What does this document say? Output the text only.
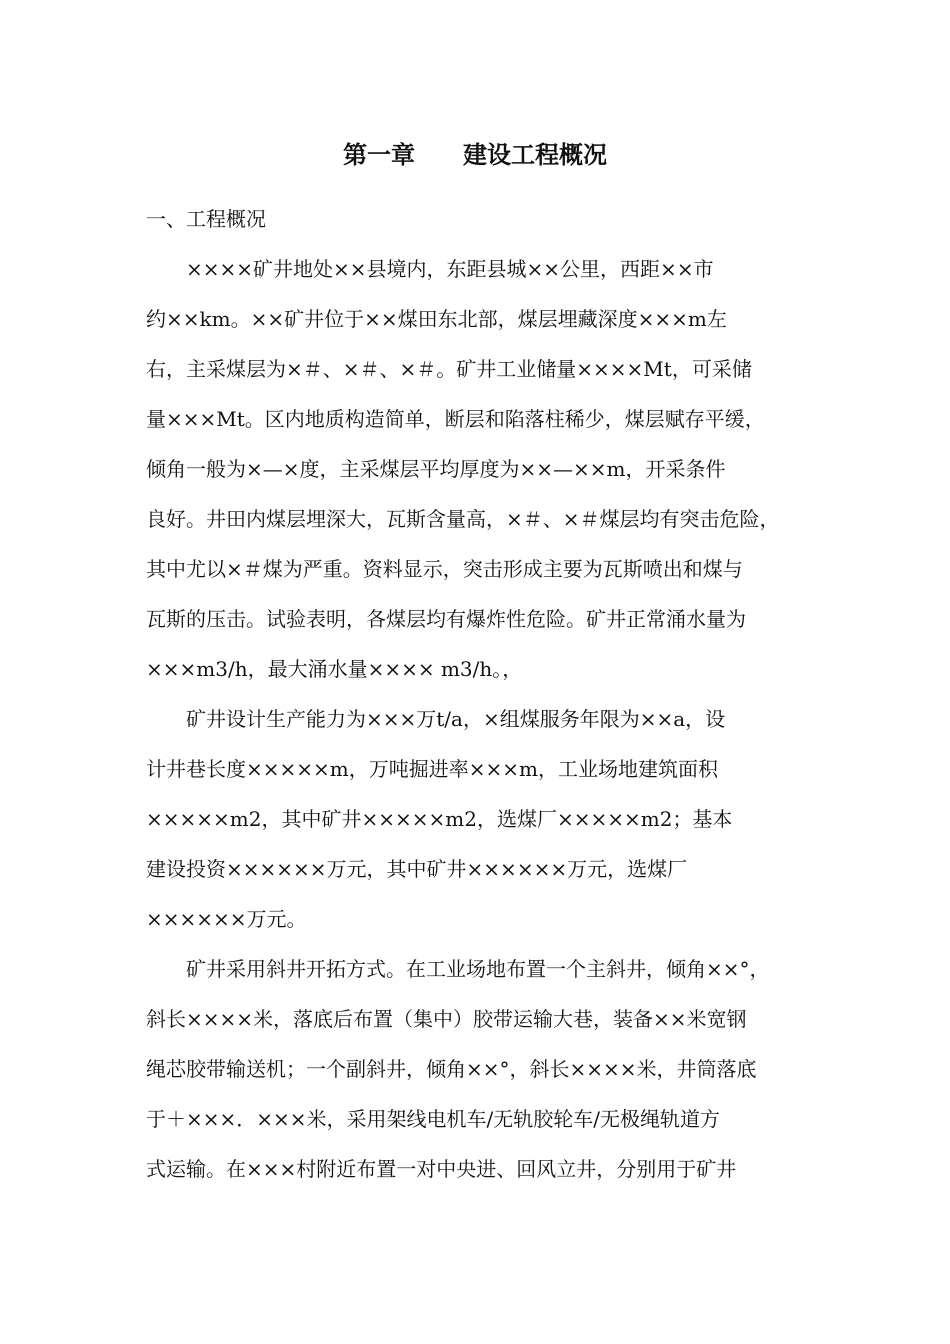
第一章　　建设工程概况
一、工程概况
　　××××矿井地处××县境内，东距县城××公里，西距××市
约××km。××矿井位于××煤田东北部，煤层埋藏深度×××m左
右，主采煤层为×＃、×＃、×＃。矿井工业储量××××Mt，可采储
量×××Mt。区内地质构造简单，断层和陷落柱稀少，煤层赋存平缓，
倾角一般为×—×度，主采煤层平均厚度为××—××m，开采条件
良好。井田内煤层埋深大，瓦斯含量高，×＃、×＃煤层均有突击危险，
其中尤以×＃煤为严重。资料显示，突击形成主要为瓦斯喷出和煤与
瓦斯的压击。试验表明，各煤层均有爆炸性危险。矿井正常涌水量为
×××m3/h，最大涌水量×××× m3/h。，
　　矿井设计生产能力为×××万t/a，×组煤服务年限为××a，设
计井巷长度×××××m，万吨掘进率×××m，工业场地建筑面积
×××××m2，其中矿井×××××m2，选煤厂×××××m2；基本
建设投资××××××万元，其中矿井××××××万元，选煤厂
××××××万元。
　　矿井采用斜井开拓方式。在工业场地布置一个主斜井，倾角××°，
斜长××××米，落底后布置（集中）胶带运输大巷，装备××米宽钢
绳芯胶带输送机；一个副斜井，倾角××°，斜长××××米，井筒落底
于＋×××．×××米，采用架线电机车/无轨胶轮车/无极绳轨道方
式运输。在×××村附近布置一对中央进、回风立井，分别用于矿井
